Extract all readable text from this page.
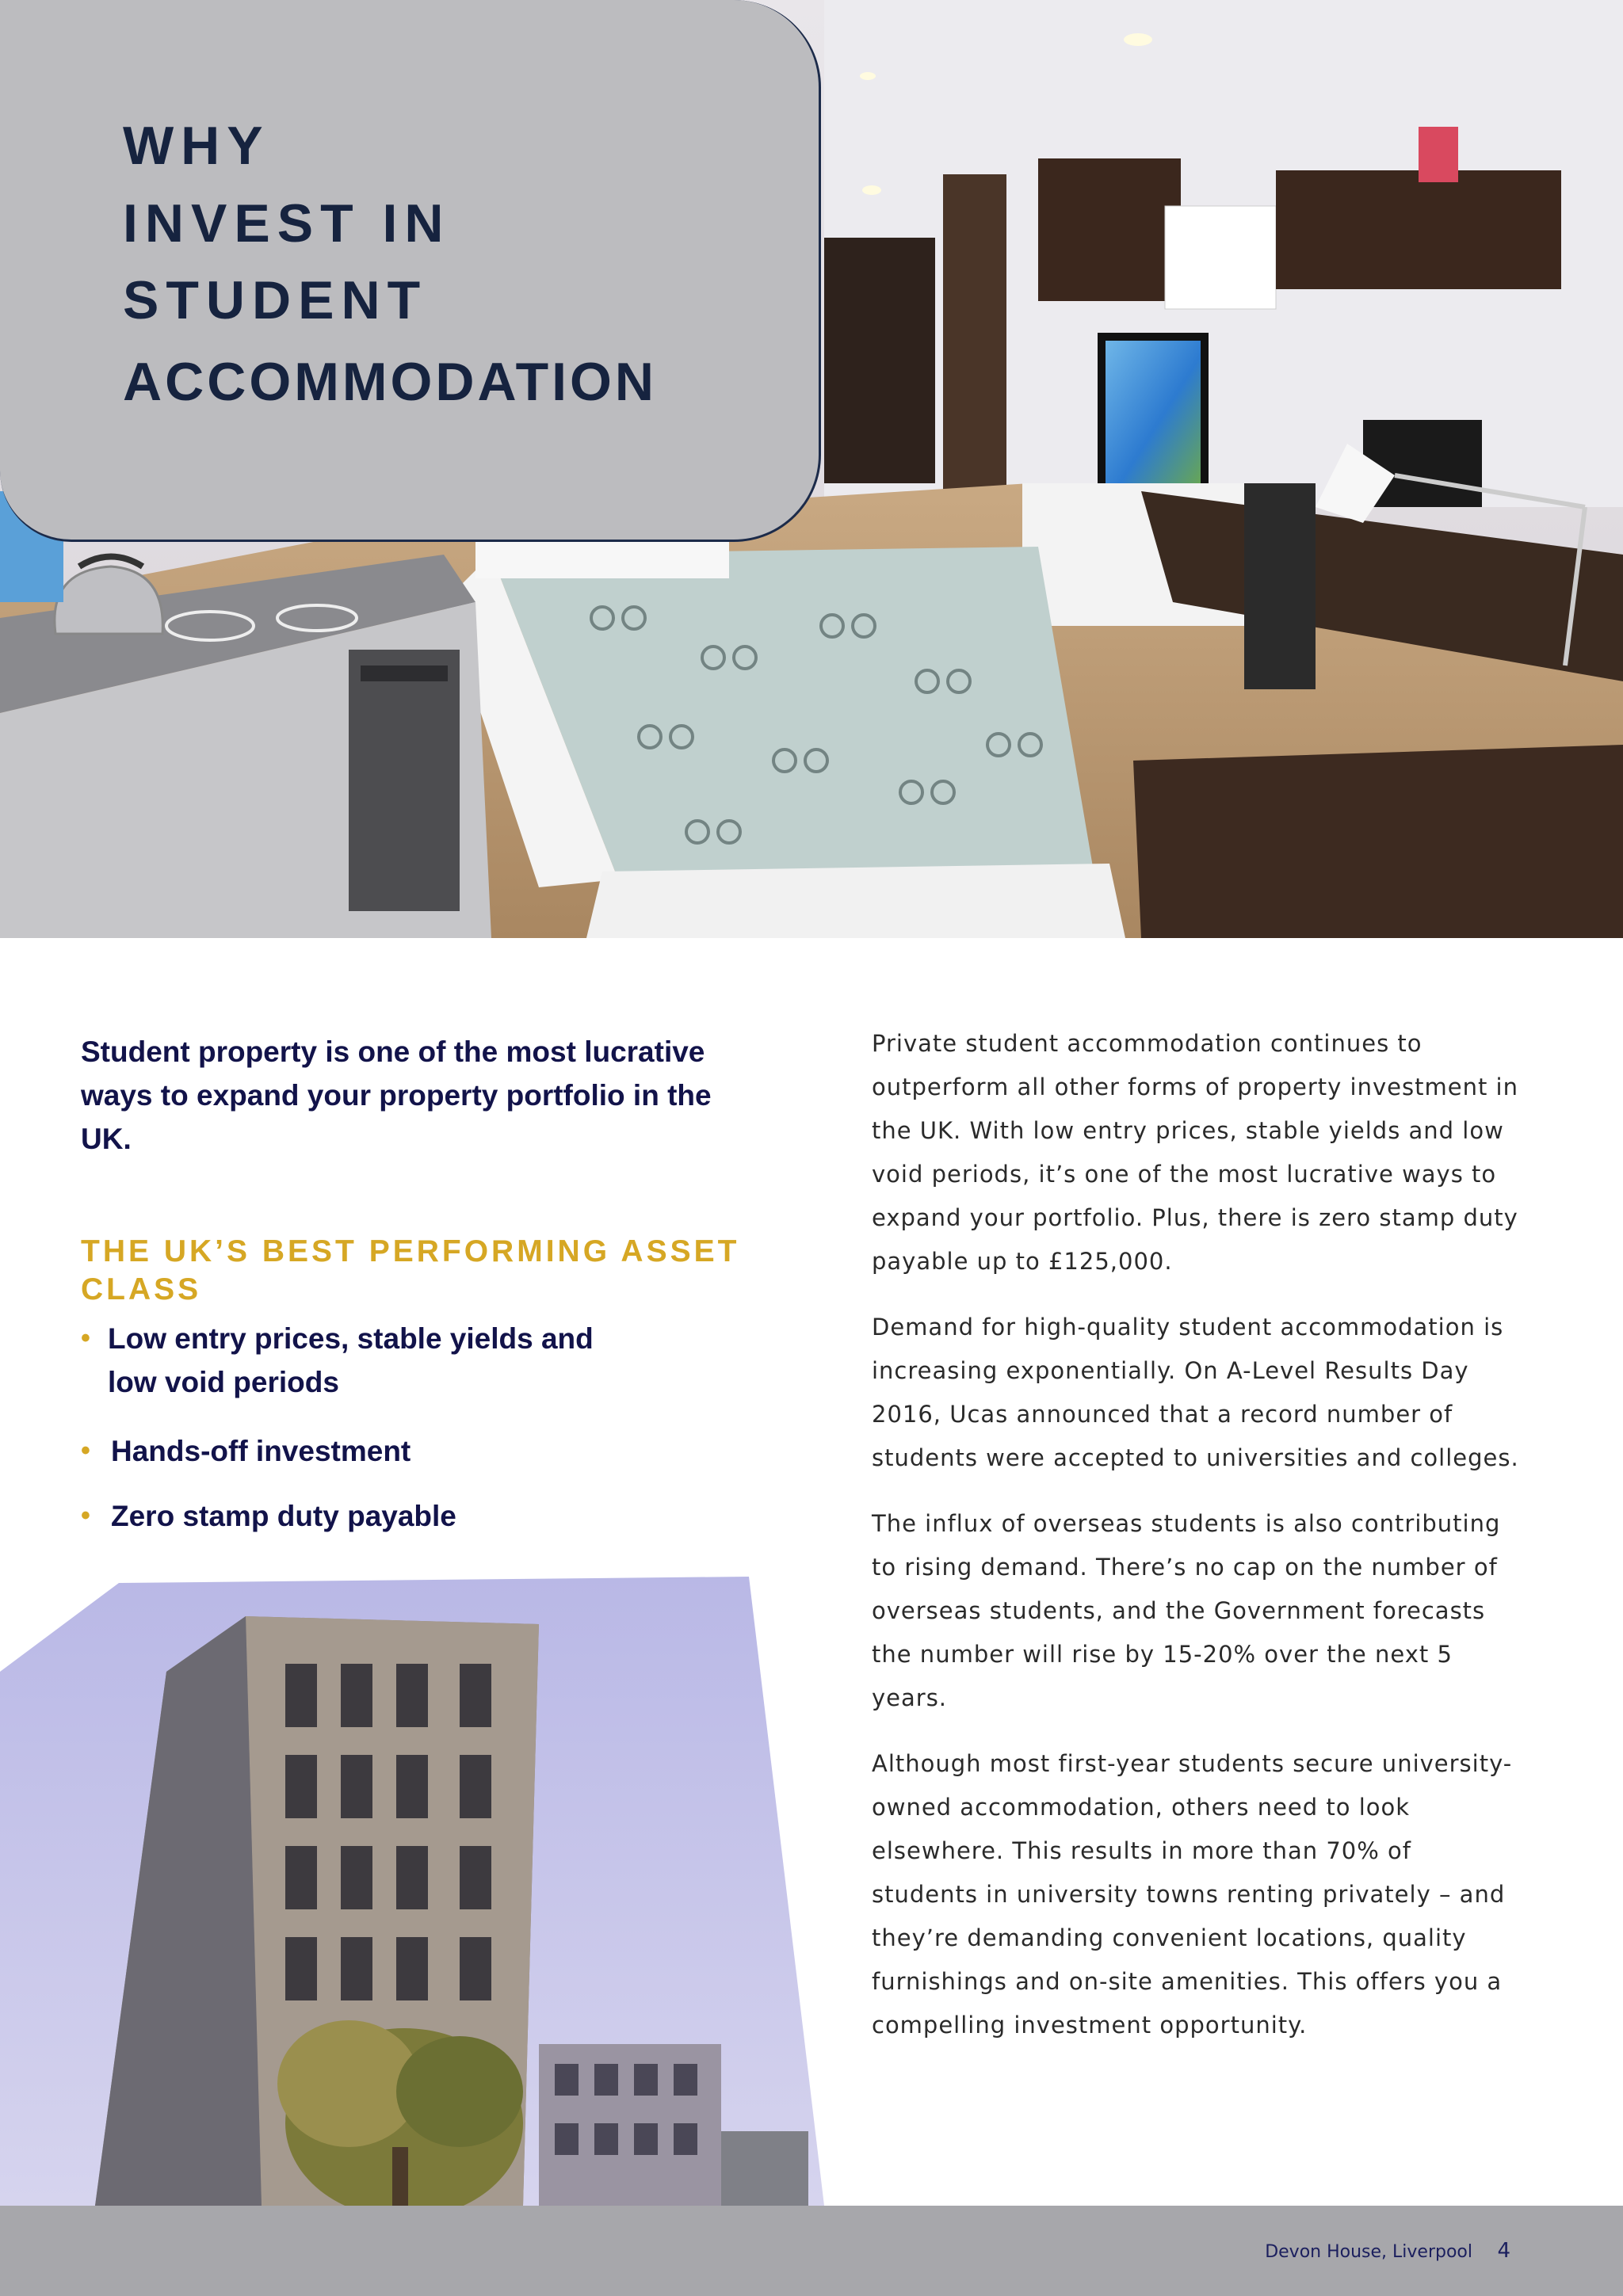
WHY
INVEST IN
STUDENT
ACCOMMODATION
Student property is one of the most lucrative ways to expand your property portfolio in the UK.
THE UK’S BEST PERFORMING ASSET CLASS
• Low entry prices, stable yields and
low void periods
• Hands-off investment
• Zero stamp duty payable

Private student accommodation continues to outperform all other forms of property investment in the UK. With low entry prices, stable yields and low void periods, it’s one of the most lucrative ways to expand your portfolio. Plus, there is zero stamp duty payable up to £125,000.

Demand for high-quality student accommodation is increasing exponentially. On A-Level Results Day 2016, Ucas announced that a record number of students were accepted to universities and colleges.

The influx of overseas students is also contributing to rising demand. There’s no cap on the number of overseas students, and the Government forecasts the number will rise by 15-20% over the next 5 years.

Although most first-year students secure university-owned accommodation, others need to look elsewhere. This results in more than 70% of students in university towns renting privately – and they’re demanding convenient locations, quality furnishings and on-site amenities. This offers you a compelling investment opportunity.

Devon House, Liverpool 4
